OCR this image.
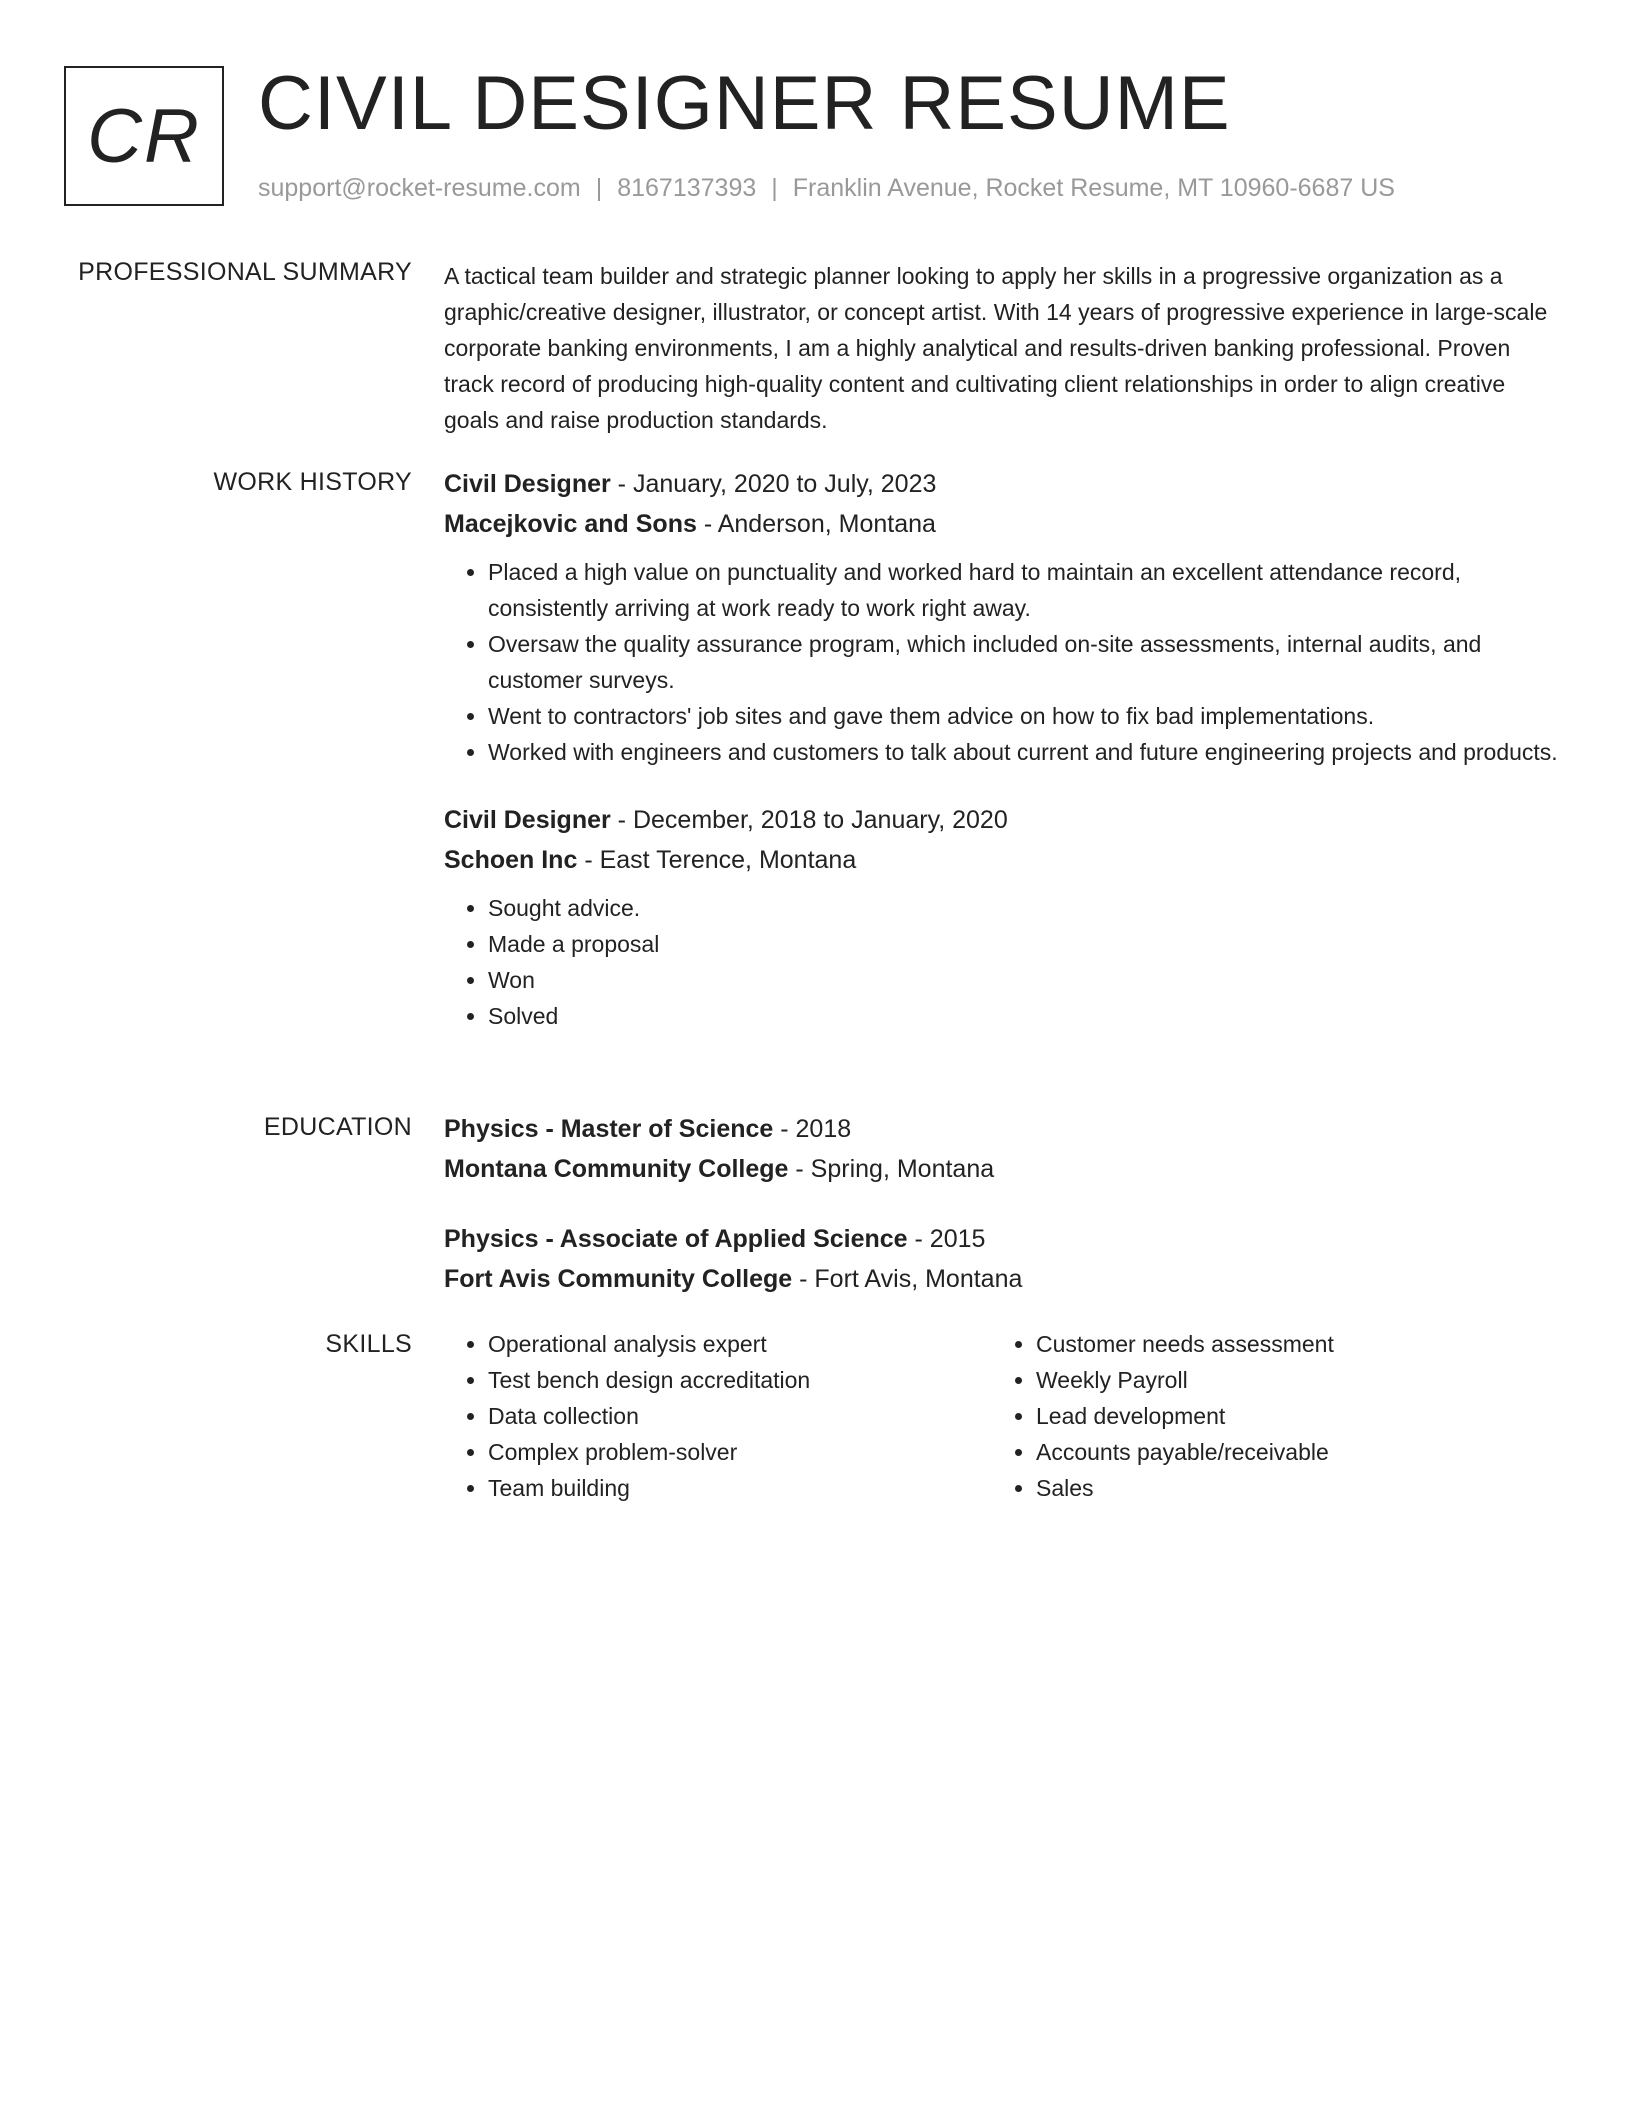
CR CIVIL DESIGNER RESUME
support@rocket-resume.com | 8167137393 | Franklin Avenue, Rocket Resume, MT 10960-6687 US
PROFESSIONAL SUMMARY A tactical team builder and strategic planner looking to apply her skills in a progressive organization as a graphic/creative designer, illustrator, or concept artist. With 14 years of progressive experience in large-scale corporate banking environments, I am a highly analytical and results-driven banking professional. Proven track record of producing high-quality content and cultivating client relationships in order to align creative goals and raise production standards.

WORK HISTORY Civil Designer - January, 2020 to July, 2023
Macejkovic and Sons - Anderson, Montana
• Placed a high value on punctuality and worked hard to maintain an excellent attendance record, consistently arriving at work ready to work right away.
• Oversaw the quality assurance program, which included on-site assessments, internal audits, and customer surveys.
• Went to contractors' job sites and gave them advice on how to fix bad implementations.
• Worked with engineers and customers to talk about current and future engineering projects and products.
Civil Designer - December, 2018 to January, 2020
Schoen Inc - East Terence, Montana
• Sought advice.
• Made a proposal
• Won
• Solved
EDUCATION Physics - Master of Science - 2018
Montana Community College - Spring, Montana
Physics - Associate of Applied Science - 2015
Fort Avis Community College - Fort Avis, Montana
SKILLS
•	Operational analysis expert
• Test bench design accreditation
• Data collection
• Complex problem-solver
• Team building
• Customer needs assessment
• Weekly Payroll
• Lead development
• Accounts payable/receivable
• Sales
